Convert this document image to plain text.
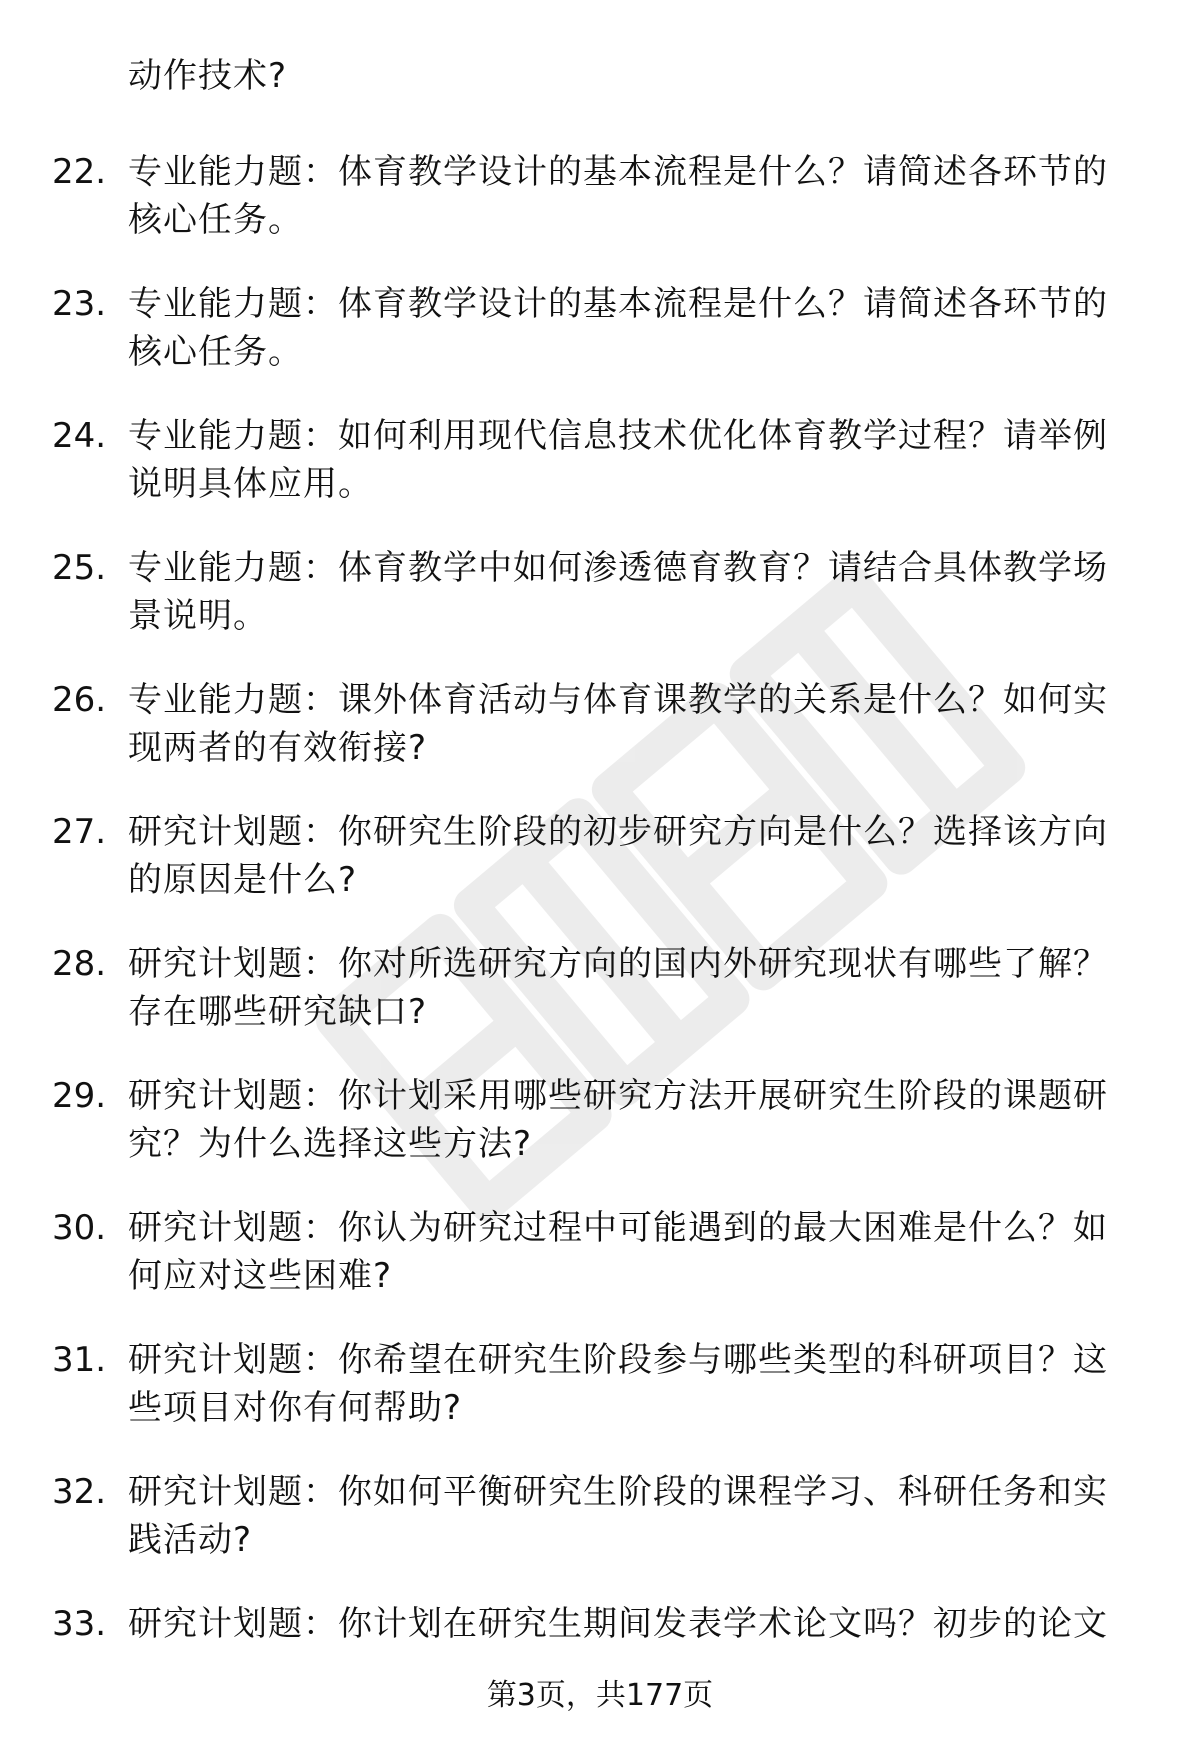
动作技术?
22. 专业能力题：体育教学设计的基本流程是什么？请简述各环节的核心任务。
23. 专业能力题：体育教学设计的基本流程是什么？请简述各环节的核心任务。
24. 专业能力题：如何利用现代信息技术优化体育教学过程？请举例说明具体应用。
25. 专业能力题：体育教学中如何渗透德育教育？请结合具体教学场景说明。
26. 专业能力题：课外体育活动与体育课教学的关系是什么？如何实现两者的有效衔接?
27. 研究计划题：你研究生阶段的初步研究方向是什么？选择该方向的原因是什么?
28. 研究计划题：你对所选研究方向的国内外研究现状有哪些了解？存在哪些研究缺口?
29. 研究计划题：你计划采用哪些研究方法开展研究生阶段的课题研究？为什么选择这些方法?
30. 研究计划题：你认为研究过程中可能遇到的最大困难是什么？如何应对这些困难?
31. 研究计划题：你希望在研究生阶段参与哪些类型的科研项目？这些项目对你有何帮助?
32. 研究计划题：你如何平衡研究生阶段的课程学习、科研任务和实践活动?
33. 研究计划题：你计划在研究生期间发表学术论文吗？初步的论文
第3页，共177页
